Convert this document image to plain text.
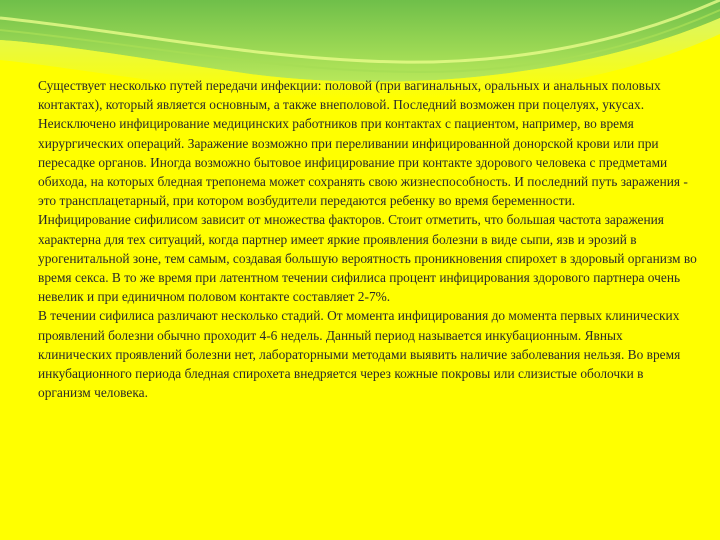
Существует несколько путей передачи инфекции: половой (при вагинальных, оральных и анальных половых контактах), который является основным, а также внеполовой. Последний возможен при поцелуях, укусах. Неисключено инфицирование медицинских работников при контактах с пациентом, например, во время хирургических операций. Заражение возможно при переливании инфицированной донорской крови или при пересадке органов. Иногда возможно бытовое инфицирование при контакте здорового человека с предметами обихода, на которых бледная трепонема может сохранять свою жизнеспособность. И последний путь заражения - это трансплацетарный, при котором возбудители передаются ребенку во время беременности.

Инфицирование сифилисом зависит от множества факторов. Стоит отметить, что большая частота заражения характерна для тех ситуаций, когда партнер имеет яркие проявления болезни в виде сыпи, язв и эрозий в урогенитальной зоне, тем самым, создавая большую вероятность проникновения спирохет в здоровый организм во время секса. В то же время при латентном течении сифилиса процент инфицирования здорового партнера очень невелик и при единичном половом контакте составляет 2-7%.

В течении сифилиса различают несколько стадий. От момента инфицирования до момента первых клинических проявлений болезни обычно проходит 4-6 недель. Данный период называется инкубационным. Явных клинических проявлений болезни нет, лабораторными методами выявить наличие заболевания нельзя. Во время инкубационного периода бледная спирохета внедряется через кожные покровы или слизистые оболочки в организм человека.
